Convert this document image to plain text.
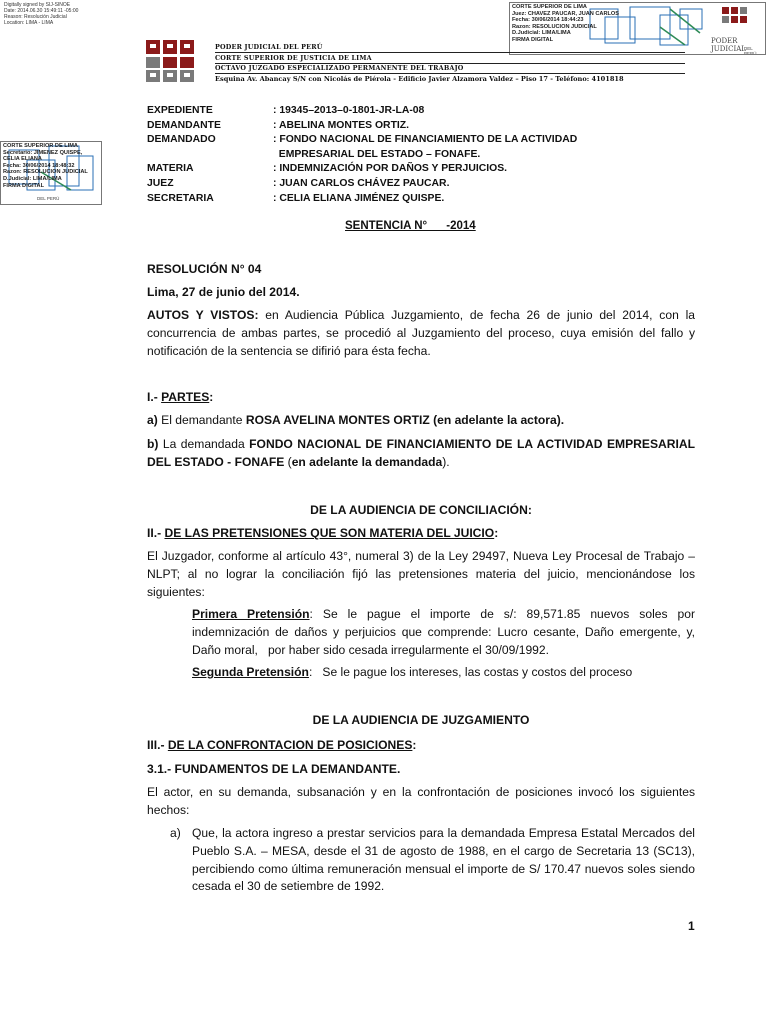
Digitally signed by SIJ-SINOE
Date: 2014.06.30 15:49:11 -05:00
Reason: Resolución Judicial
Location: LIMA - LIMA
CORTE SUPERIOR DE LIMA
Juez: CHAVEZ PAUCAR, JUAN CARLOS
Fecha: 30/06/2014 18:44:23
Razon: RESOLUCION JUDICIAL
D.Judicial: LIMA/LIMA
FIRMA DIGITAL	PODER JUDICIAL
DEL PERÚ
CORTE SUPERIOR DE LIMA
Secretario: JIMENEZ QUISPE,
CELIA ELIANA
Fecha: 30/06/2014 18:48:32
Razon: RESOLUCION JUDICIAL
D.Judicial: LIMA/LIMA
FIRMA DIGITAL
DEL PERÚ
PODER JUDICIAL DEL PERÚ
CORTE SUPERIOR DE JUSTICIA DE LIMA
OCTAVO JUZGADO ESPECIALIZADO PERMANENTE DEL TRABAJO
Esquina Av. Abancay S/N con Nicolás de Piérola - Edificio Javier Alzamora Valdez – Piso 17 - Teléfono: 4101818
EXPEDIENTE	: 19345–2013–0-1801-JR-LA-08
DEMANDANTE	: ABELINA MONTES ORTIZ.
DEMANDADO	: FONDO NACIONAL DE FINANCIAMIENTO DE LA ACTIVIDAD
EMPRESARIAL DEL ESTADO – FONAFE.
MATERIA	: INDEMNIZACIÓN POR DAÑOS Y PERJUICIOS.
JUEZ	: JUAN CARLOS CHÁVEZ PAUCAR.
SECRETARIA	: CELIA ELIANA JIMÉNEZ QUISPE.
SENTENCIA N°      -2014
RESOLUCIÓN N° 04
Lima, 27 de junio del 2014.
AUTOS Y VISTOS: en Audiencia Pública Juzgamiento, de fecha 26 de junio del 2014, con la concurrencia de ambas partes, se procedió al Juzgamiento del proceso, cuya emisión del fallo y notificación de la sentencia se difirió para ésta fecha.
I.- PARTES:
a) El demandante ROSA AVELINA MONTES ORTIZ (en adelante la actora).
b) La demandada FONDO NACIONAL DE FINANCIAMIENTO DE LA ACTIVIDAD EMPRESARIAL DEL ESTADO - FONAFE (en adelante la demandada).
DE LA AUDIENCIA DE CONCILIACIÓN:
II.- DE LAS PRETENSIONES QUE SON MATERIA DEL JUICIO:
El Juzgador, conforme al artículo 43°, numeral 3) de la Ley 29497, Nueva Ley Procesal de Trabajo – NLPT; al no lograr la conciliación fijó las pretensiones materia del juicio, mencionándose los siguientes:
Primera Pretensión: Se le pague el importe de s/: 89,571.85 nuevos soles por indemnización de daños y perjuicios que comprende: Lucro cesante, Daño emergente, y, Daño moral,   por haber sido cesada irregularmente el 30/09/1992.
Segunda Pretensión:   Se le pague los intereses, las costas y costos del proceso
DE LA AUDIENCIA DE JUZGAMIENTO
III.- DE LA CONFRONTACION DE POSICIONES:
3.1.- FUNDAMENTOS DE LA DEMANDANTE.
El actor, en su demanda, subsanación y en la confrontación de posiciones invocó los siguientes hechos:
a) Que, la actora ingreso a prestar servicios para la demandada Empresa Estatal Mercados del Pueblo S.A. – MESA, desde el 31 de agosto de 1988, en el cargo de Secretaria 13 (SC13), percibiendo como última remuneración mensual el importe de S/ 170.47 nuevos soles siendo cesada el 30 de setiembre de 1992.
1
